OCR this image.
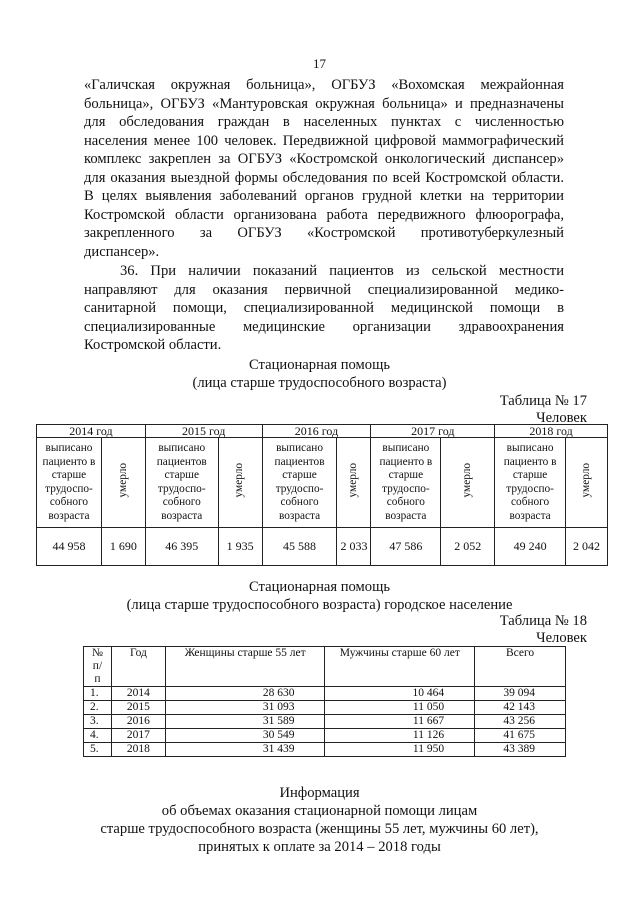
17
«Галичская окружная больница», ОГБУЗ «Вохомская межрайонная
больница», ОГБУЗ «Мантуровская окружная больница» и предназначены
для обследования граждан в населенных пунктах с численностью
населения менее 100 человек. Передвижной цифровой маммографический
комплекс закреплен за ОГБУЗ «Костромской онкологический диспансер»
для оказания выездной формы обследования по всей Костромской области.
В целях выявления заболеваний органов грудной клетки на территории
Костромской области организована работа передвижного флюорографа,
закрепленного за ОГБУЗ «Костромской противотуберкулезный
диспансер».
36. При наличии показаний пациентов из сельской местности
направляют для оказания первичной специализированной медико-
санитарной помощи, специализированной медицинской помощи в
специализированные медицинские организации здравоохранения
Костромской области.
Стационарная помощь
(лица старше трудоспособного возраста)
Таблица № 17
Человек
2014 год		2015 год		2016 год		2017 год		2018 год	
выписано пациенто в старше трудоспо-собного возраста	умерло	выписано пациентов старше трудоспо-собного возраста	умерло	выписано пациентов старше трудоспо-собного возраста	умерло	выписано пациенто в старше трудоспо-собного возраста	умерло	выписано пациенто в старше трудоспо-собного возраста	умерло
44 958	1 690	46 395	1 935	45 588	2 033	47 586	2 052	49 240	2 042
Стационарная помощь
(лица старше трудоспособного возраста) городское население
Таблица № 18
Человек
№ п/п	Год	Женщины старше 55 лет	Мужчины старше 60 лет	Всего
1.	2014	28 630	10 464	39 094
2.	2015	31 093	11 050	42 143
3.	2016	31 589	11 667	43 256
4.	2017	30 549	11 126	41 675
5.	2018	31 439	11 950	43 389
Информация
об объемах оказания стационарной помощи лицам
старше трудоспособного возраста (женщины 55 лет, мужчины 60 лет),
принятых к оплате за 2014 – 2018 годы
